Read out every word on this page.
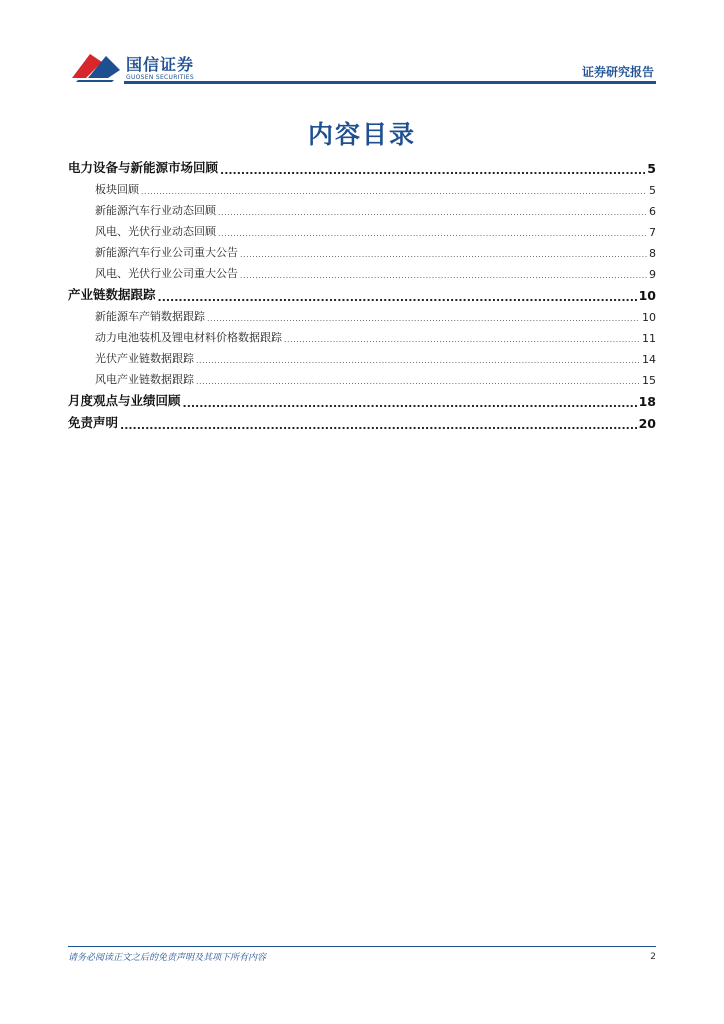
国信证券
GUOSEN SECURITIES	证券研究报告
内容目录
电力设备与新能源市场回顾 .....	5
板块回顾 .....	5
新能源汽车行业动态回顾 .....	6
风电、光伏行业动态回顾 .....	7
新能源汽车行业公司重大公告 .....	8
风电、光伏行业公司重大公告 .....	9
产业链数据跟踪 .....	10
新能源车产销数据跟踪 .....	10
动力电池装机及锂电材料价格数据跟踪 .....	11
光伏产业链数据跟踪 .....	14
风电产业链数据跟踪 .....	15
月度观点与业绩回顾 .....	18
免责声明 .....	20
请务必阅读正文之后的免责声明及其项下所有内容	2
